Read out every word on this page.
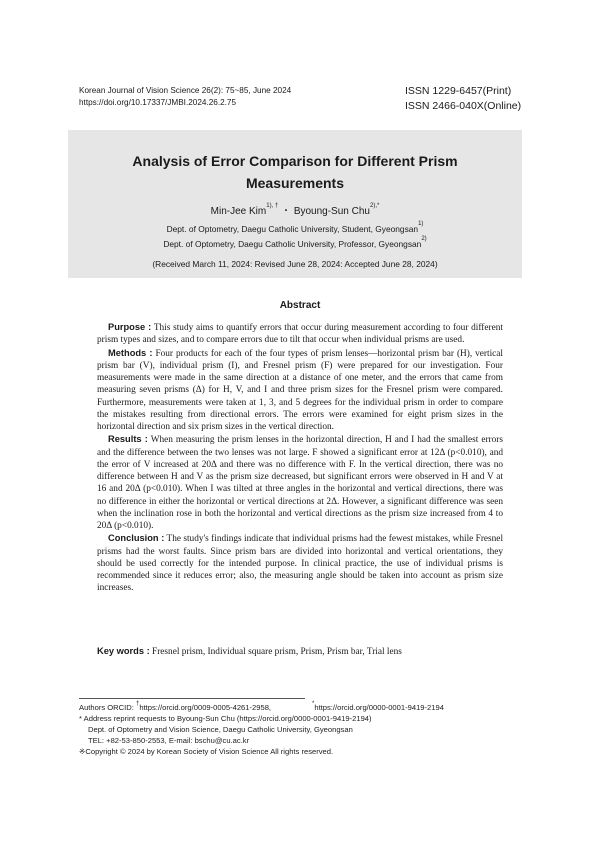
Korean Journal of Vision Science 26(2): 75~85, June 2024
https://doi.org/10.17337/JMBI.2024.26.2.75
ISSN 1229-6457(Print)
ISSN 2466-040X(Online)
Analysis of Error Comparison for Different Prism
Measurements
Min-Jee Kim$^{1), \dagger}$ ・ Byoung-Sun Chu$^{2),*}$
Dept. of Optometry, Daegu Catholic University, Student, Gyeongsan$^{1)}$
Dept. of Optometry, Daegu Catholic University, Professor, Gyeongsan$^{2)}$
(Received March 11, 2024: Revised June 28, 2024: Accepted June 28, 2024)
Abstract

Purpose : This study aims to quantify errors that occur during measurement according to four different prism types and sizes, and to compare errors due to tilt that occur when individual prisms are used.

Methods : Four products for each of the four types of prism lenses—horizontal prism bar (H), vertical prism bar (V), individual prism (I), and Fresnel prism (F) were prepared for our investigation. Four measurements were made in the same direction at a distance of one meter, and the errors that came from measuring seven prisms (Δ) for H, V, and I and three prism sizes for the Fresnel prism were compared. Furthermore, measurements were taken at 1, 3, and 5 degrees for the individual prism in order to compare the mistakes resulting from directional errors. The errors were examined for eight prism sizes in the horizontal direction and six prism sizes in the vertical direction.

Results : When measuring the prism lenses in the horizontal direction, H and I had the smallest errors and the difference between the two lenses was not large. F showed a significant error at 12Δ (p<0.010), and the error of V increased at 20Δ and there was no difference with F. In the vertical direction, there was no difference between H and V as the prism size decreased, but significant errors were observed in H and V at 16 and 20Δ (p<0.010). When I was tilted at three angles in the horizontal and vertical directions, there was no difference in either the horizontal or vertical directions at 2Δ. However, a significant difference was seen when the inclination rose in both the horizontal and vertical directions as the prism size increased from 4 to 20Δ (p<0.010).

Conclusion : The study's findings indicate that individual prisms had the fewest mistakes, while Fresnel prisms had the worst faults. Since prism bars are divided into horizontal and vertical orientations, they should be used correctly for the intended purpose. In clinical practice, the use of individual prisms is recommended since it reduces error; also, the measuring angle should be taken into account as prism size increases.

Key words : Fresnel prism, Individual square prism, Prism, Prism bar, Trial lens
Authors ORCID: †https://orcid.org/0009-0005-4261-2958,	*https://orcid.org/0000-0001-9419-2194
* Address reprint requests to Byoung-Sun Chu (https://orcid.org/0000-0001-9419-2194)
Dept. of Optometry and Vision Science, Daegu Catholic University, Gyeongsan
TEL: +82-53-850-2553, E-mail: bschu@cu.ac.kr
※Copyright © 2024 by Korean Society of Vision Science All rights reserved.
